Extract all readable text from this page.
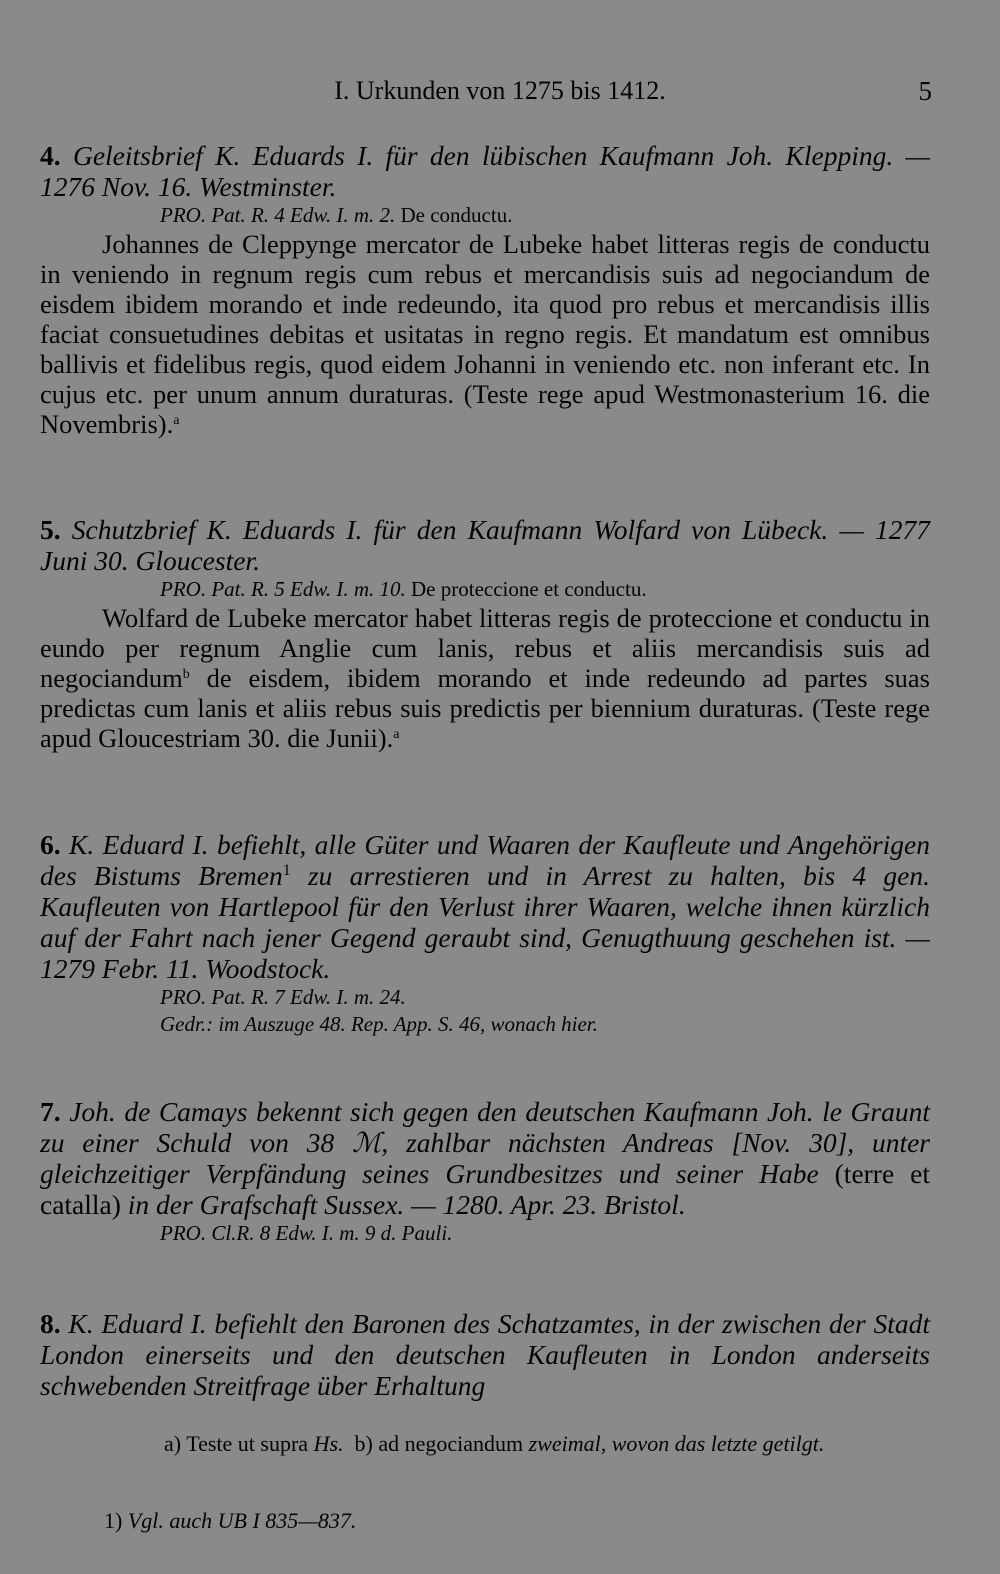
I. Urkunden von 1275 bis 1412.	5

4. Geleitsbrief K. Eduards I. für den lübischen Kaufmann Joh. Klepping. — 1276 Nov. 16. Westminster.

PRO. Pat. R. 4 Edw. I. m. 2. De conductu.

Johannes de Cleppynge mercator de Lubeke habet litteras regis de conductu in veniendo in regnum regis cum rebus et mercandisis suis ad negociandum de eisdem ibidem morando et inde redeundo, ita quod pro rebus et mercandisis illis faciat consuetudines debitas et usitatas in regno regis. Et mandatum est omnibus ballivis et fidelibus regis, quod eidem Johanni in veniendo etc. non inferant etc. In cujus etc. per unum annum duraturas. (Teste rege apud Westmonasterium 16. die Novembris).$^a$

5. Schutzbrief K. Eduards I. für den Kaufmann Wolfard von Lübeck. — 1277 Juni 30. Gloucester.

PRO. Pat. R. 5 Edw. I. m. 10. De proteccione et conductu.

Wolfard de Lubeke mercator habet litteras regis de proteccione et conductu in eundo per regnum Anglie cum lanis, rebus et aliis mercandisis suis ad negociandum$^b$ de eisdem, ibidem morando et inde redeundo ad partes suas predictas cum lanis et aliis rebus suis predictis per biennium duraturas. (Teste rege apud Gloucestriam 30. die Junii).$^a$

6. K. Eduard I. befiehlt, alle Güter und Waaren der Kaufleute und Angehörigen des Bistums Bremen$^1$ zu arrestieren und in Arrest zu halten, bis 4 gen. Kaufleuten von Hartlepool für den Verlust ihrer Waaren, welche ihnen kürzlich auf der Fahrt nach jener Gegend geraubt sind, Genugthuung geschehen ist. — 1279 Febr. 11. Woodstock.

PRO. Pat. R. 7 Edw. I. m. 24.

Gedr.: im Auszuge 48. Rep. App. S. 46, wonach hier.

7. Joh. de Camays bekennt sich gegen den deutschen Kaufmann Joh. le Graunt zu einer Schuld von 38 ℳ, zahlbar nächsten Andreas [Nov. 30], unter gleichzeitiger Verpfändung seines Grundbesitzes und seiner Habe (terre et catalla) in der Grafschaft Sussex. — 1280. Apr. 23. Bristol.

PRO. Cl.R. 8 Edw. I. m. 9 d. Pauli.

8. K. Eduard I. befiehlt den Baronen des Schatzamtes, in der zwischen der Stadt London einerseits und den deutschen Kaufleuten in London anderseits schwebenden Streitfrage über Erhaltung

a) Teste ut supra Hs.  b) ad negociandum zweimal, wovon das letzte getilgt.

1) Vgl. auch UB I 835—837.
